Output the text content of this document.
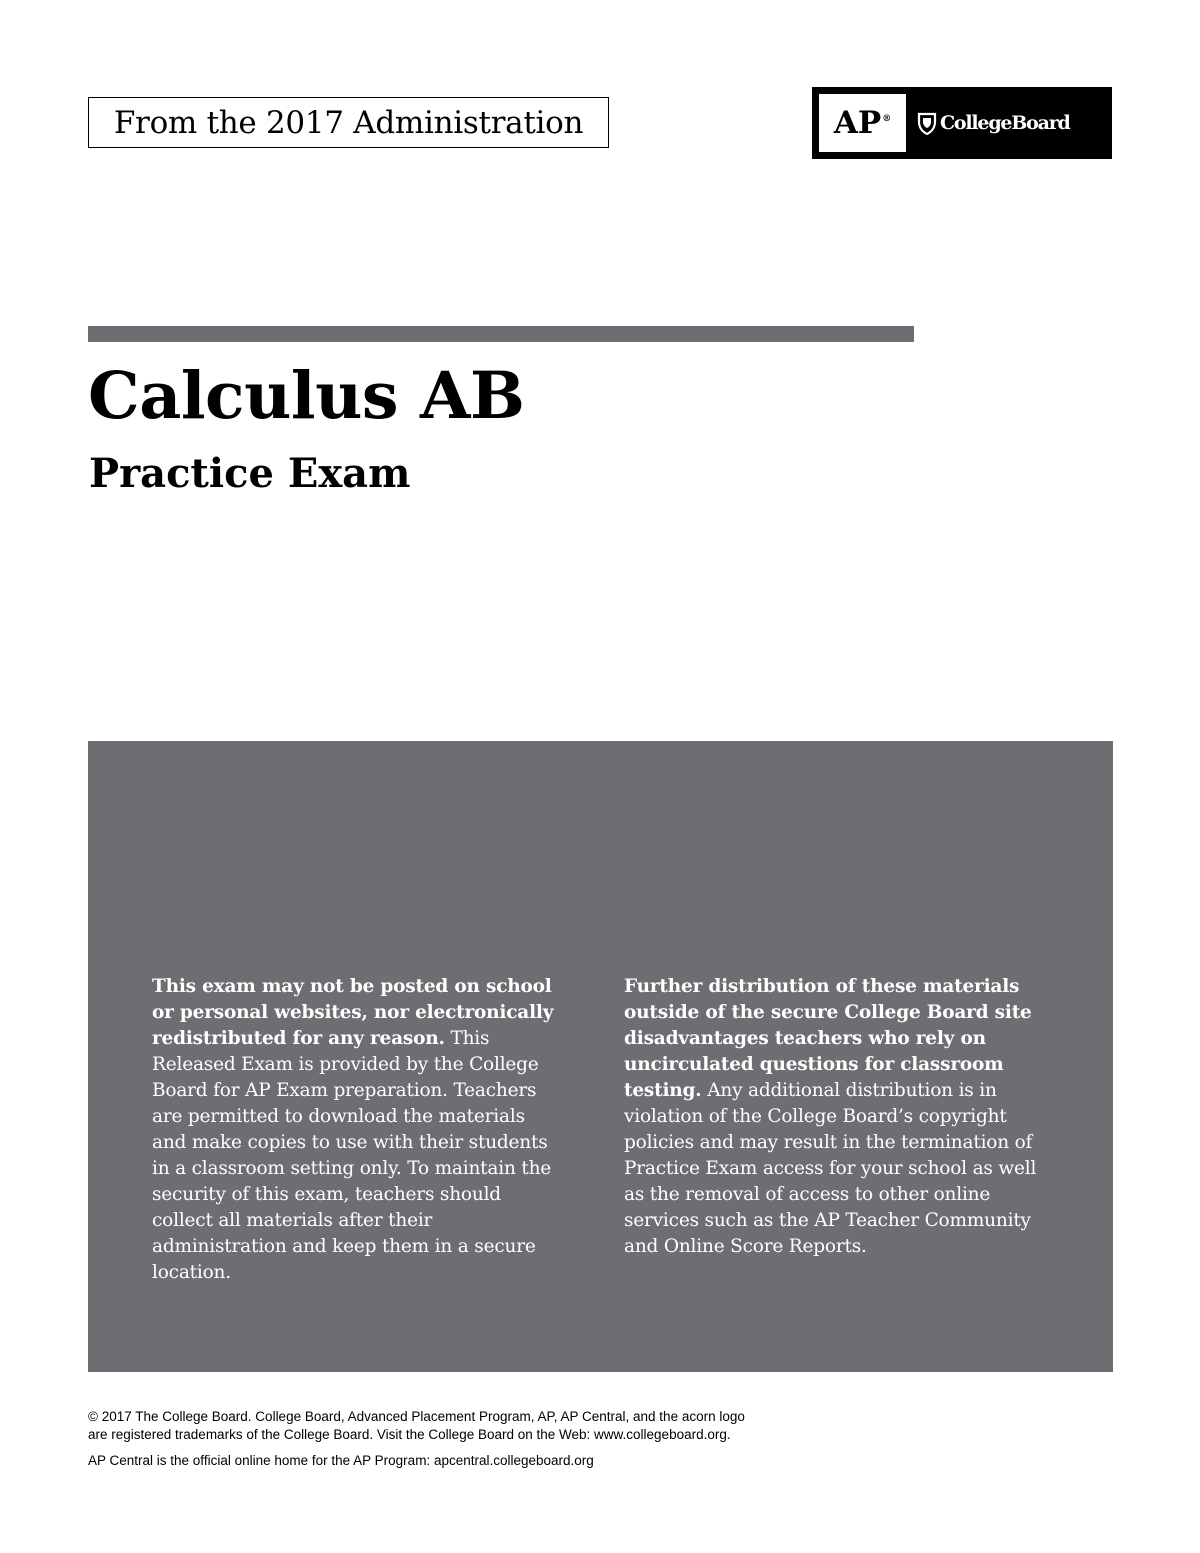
From the 2017 Administration	AP®	CollegeBoard
Calculus AB
Practice Exam

This exam may not be posted on school or personal websites, nor electronically redistributed for any reason. This Released Exam is provided by the College Board for AP Exam preparation. Teachers are permitted to download the materials and make copies to use with their students in a classroom setting only. To maintain the security of this exam, teachers should collect all materials after their administration and keep them in a secure location.

Further distribution of these materials outside of the secure College Board site disadvantages teachers who rely on uncirculated questions for classroom testing. Any additional distribution is in violation of the College Board’s copyright policies and may result in the termination of Practice Exam access for your school as well as the removal of access to other online services such as the AP Teacher Community and Online Score Reports.

© 2017 The College Board. College Board, Advanced Placement Program, AP, AP Central, and the acorn logo

are registered trademarks of the College Board. Visit the College Board on the Web: www.collegeboard.org.

AP Central is the official online home for the AP Program: apcentral.collegeboard.org
